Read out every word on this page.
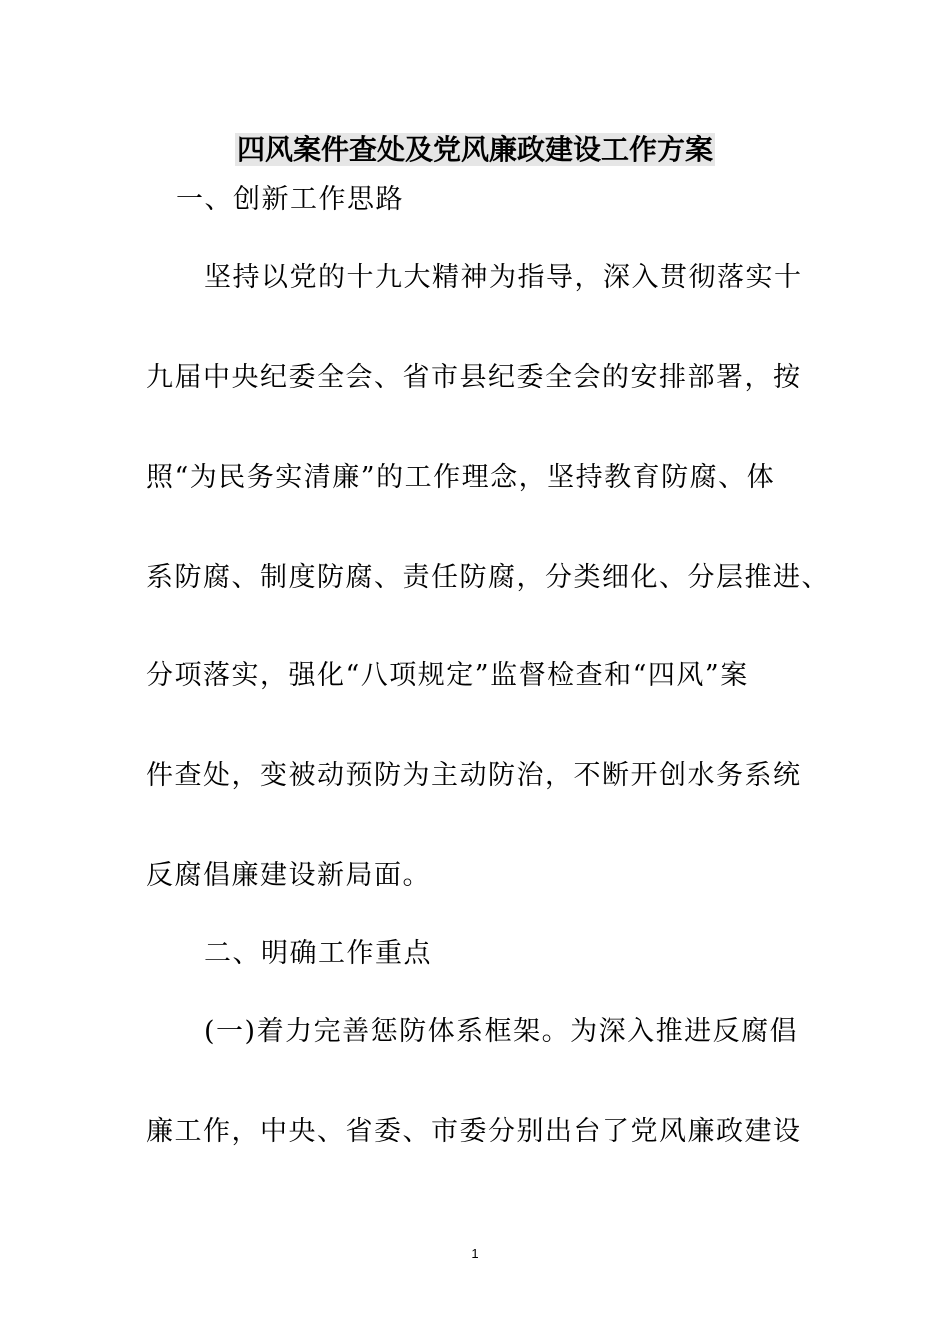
四风案件查处及党风廉政建设工作方案
一、创新工作思路
坚持以党的十九大精神为指导，深入贯彻落实十
九届中央纪委全会、省市县纪委全会的安排部署，按
照“为民务实清廉”的工作理念，坚持教育防腐、体
系防腐、制度防腐、责任防腐，分类细化、分层推进、
分项落实，强化“八项规定”监督检查和“四风”案
件查处，变被动预防为主动防治，不断开创水务系统
反腐倡廉建设新局面。
二、明确工作重点
(一)着力完善惩防体系框架。为深入推进反腐倡
廉工作，中央、省委、市委分别出台了党风廉政建设
1
